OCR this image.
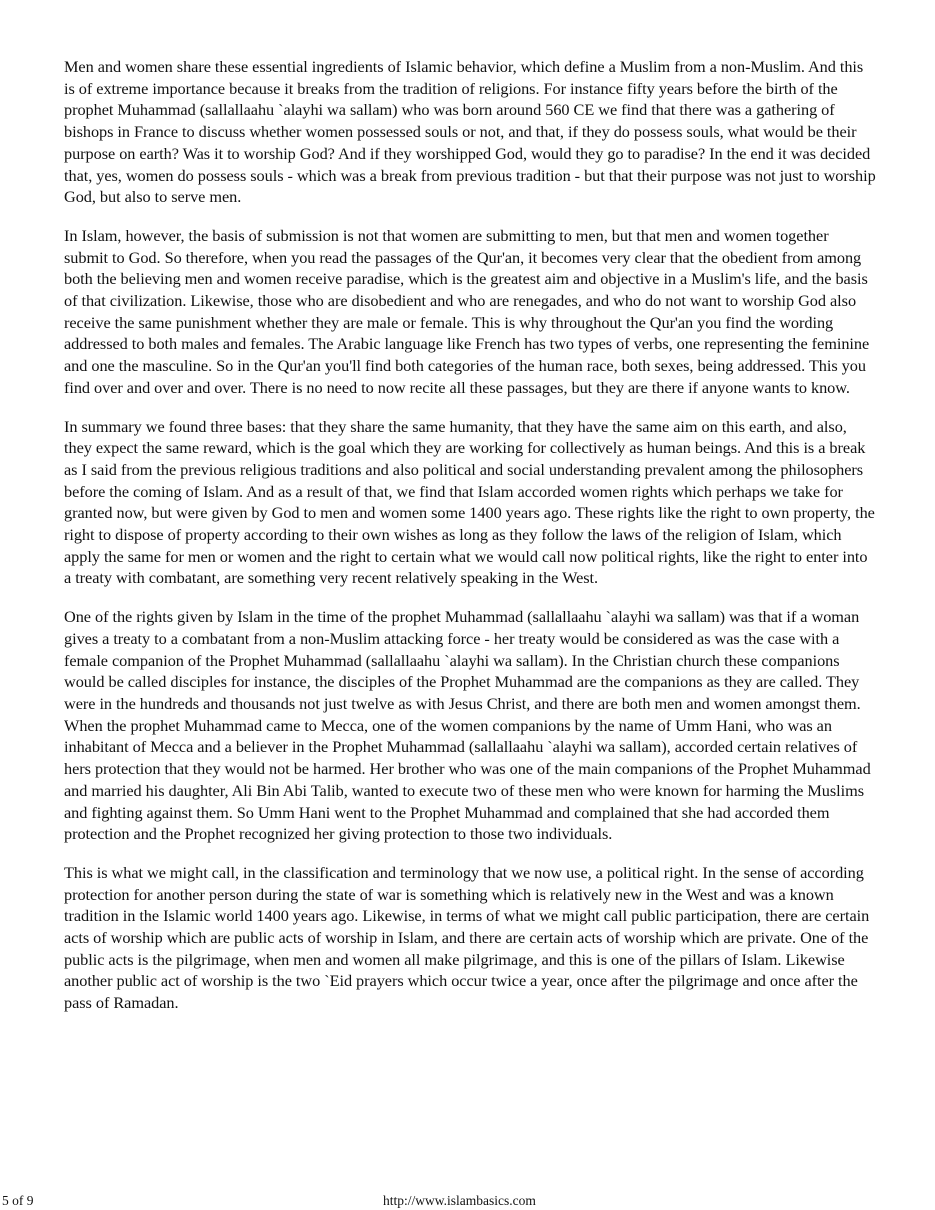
Men and women share these essential ingredients of Islamic behavior, which define a Muslim from a non-Muslim. And this is of extreme importance because it breaks from the tradition of religions. For instance fifty years before the birth of the prophet Muhammad (sallallaahu `alayhi wa sallam) who was born around 560 CE we find that there was a gathering of bishops in France to discuss whether women possessed souls or not, and that, if they do possess souls, what would be their purpose on earth? Was it to worship God? And if they worshipped God, would they go to paradise? In the end it was decided that, yes, women do possess souls - which was a break from previous tradition - but that their purpose was not just to worship God, but also to serve men.

In Islam, however, the basis of submission is not that women are submitting to men, but that men and women together submit to God. So therefore, when you read the passages of the Qur'an, it becomes very clear that the obedient from among both the believing men and women receive paradise, which is the greatest aim and objective in a Muslim's life, and the basis of that civilization. Likewise, those who are disobedient and who are renegades, and who do not want to worship God also receive the same punishment whether they are male or female. This is why throughout the Qur'an you find the wording addressed to both males and females. The Arabic language like French has two types of verbs, one representing the feminine and one the masculine. So in the Qur'an you'll find both categories of the human race, both sexes, being addressed. This you find over and over and over. There is no need to now recite all these passages, but they are there if anyone wants to know.

In summary we found three bases: that they share the same humanity, that they have the same aim on this earth, and also, they expect the same reward, which is the goal which they are working for collectively as human beings. And this is a break as I said from the previous religious traditions and also political and social understanding prevalent among the philosophers before the coming of Islam. And as a result of that, we find that Islam accorded women rights which perhaps we take for granted now, but were given by God to men and women some 1400 years ago. These rights like the right to own property, the right to dispose of property according to their own wishes as long as they follow the laws of the religion of Islam, which apply the same for men or women and the right to certain what we would call now political rights, like the right to enter into a treaty with combatant, are something very recent relatively speaking in the West.

One of the rights given by Islam in the time of the prophet Muhammad (sallallaahu `alayhi wa sallam) was that if a woman gives a treaty to a combatant from a non-Muslim attacking force - her treaty would be considered as was the case with a female companion of the Prophet Muhammad (sallallaahu `alayhi wa sallam). In the Christian church these companions would be called disciples for instance, the disciples of the Prophet Muhammad are the companions as they are called. They were in the hundreds and thousands not just twelve as with Jesus Christ, and there are both men and women amongst them. When the prophet Muhammad came to Mecca, one of the women companions by the name of Umm Hani, who was an inhabitant of Mecca and a believer in the Prophet Muhammad (sallallaahu `alayhi wa sallam), accorded certain relatives of hers protection that they would not be harmed. Her brother who was one of the main companions of the Prophet Muhammad and married his daughter, Ali Bin Abi Talib, wanted to execute two of these men who were known for harming the Muslims and fighting against them. So Umm Hani went to the Prophet Muhammad and complained that she had accorded them protection and the Prophet recognized her giving protection to those two individuals.

This is what we might call, in the classification and terminology that we now use, a political right. In the sense of according protection for another person during the state of war is something which is relatively new in the West and was a known tradition in the Islamic world 1400 years ago. Likewise, in terms of what we might call public participation, there are certain acts of worship which are public acts of worship in Islam, and there are certain acts of worship which are private. One of the public acts is the pilgrimage, when men and women all make pilgrimage, and this is one of the pillars of Islam. Likewise another public act of worship is the two `Eid prayers which occur twice a year, once after the pilgrimage and once after the pass of Ramadan.

5 of 9	http://www.islambasics.com
